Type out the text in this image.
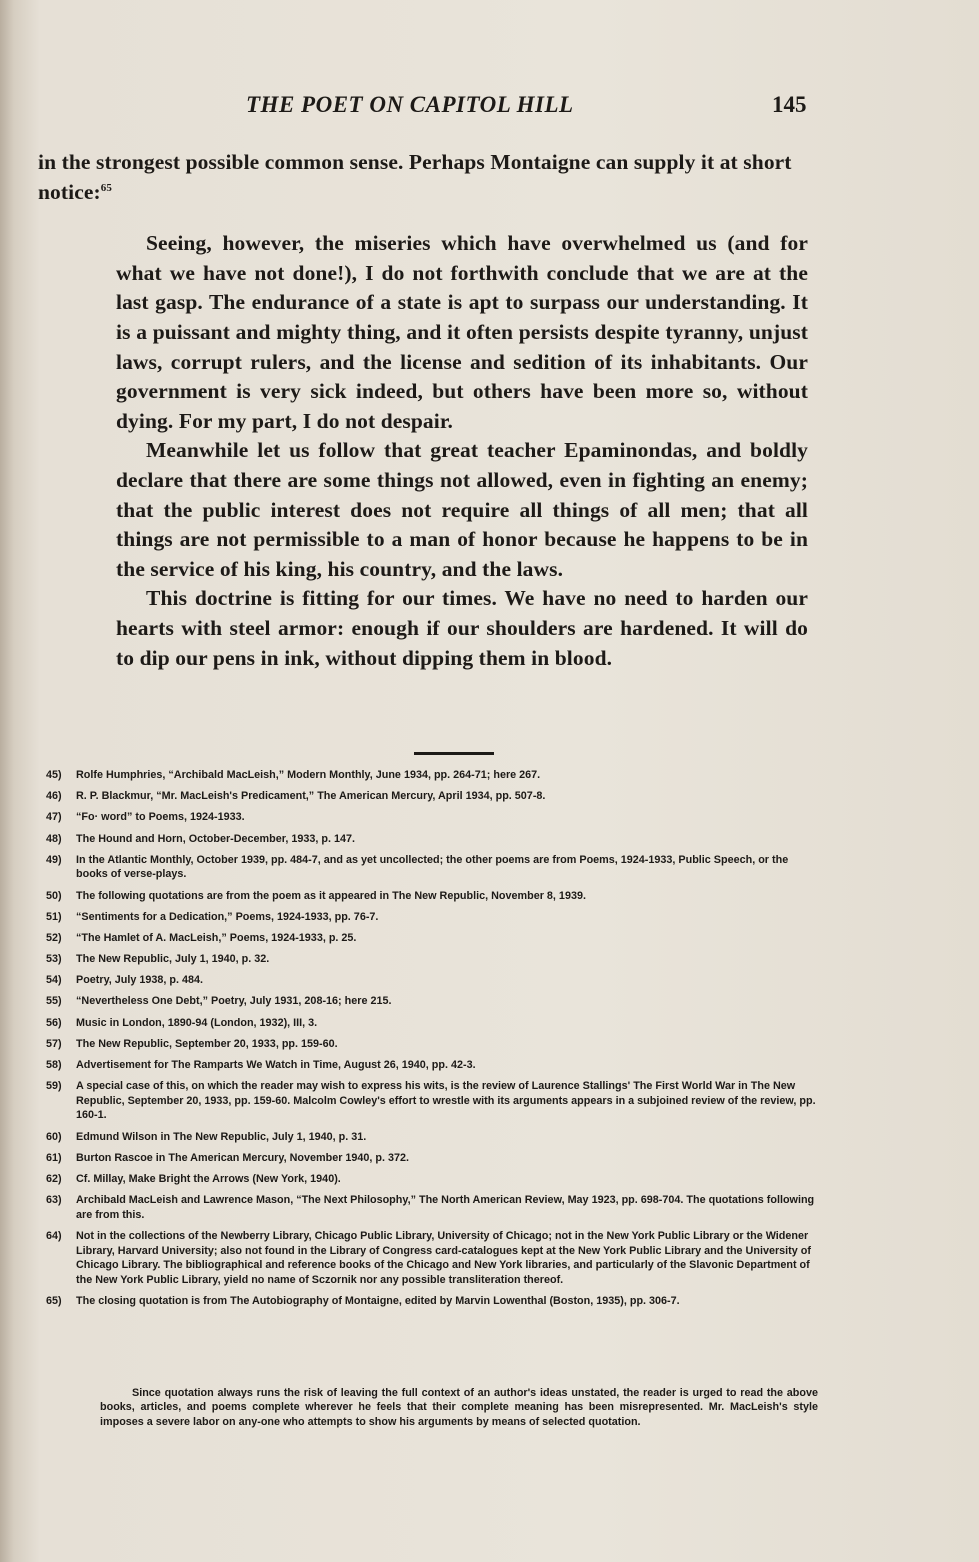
THE POET ON CAPITOL HILL	145

in the strongest possible common sense. Perhaps Montaigne can supply it at short notice:$^{65}$

Seeing, however, the miseries which have overwhelmed us (and for what we have not done!), I do not forthwith conclude that we are at the last gasp. The endurance of a state is apt to surpass our understanding. It is a puissant and mighty thing, and it often persists despite tyranny, unjust laws, corrupt rulers, and the license and sedition of its inhabitants. Our government is very sick indeed, but others have been more so, without dying. For my part, I do not despair.

Meanwhile let us follow that great teacher Epaminondas, and boldly declare that there are some things not allowed, even in fighting an enemy; that the public interest does not require all things of all men; that all things are not permissible to a man of honor because he happens to be in the service of his king, his country, and the laws.

This doctrine is fitting for our times. We have no need to harden our hearts with steel armor: enough if our shoulders are hardened. It will do to dip our pens in ink, without dipping them in blood.

45) Rolfe Humphries, “Archibald MacLeish,” Modern Monthly, June 1934, pp. 264-71; here 267.
46) R. P. Blackmur, “Mr. MacLeish's Predicament,” The American Mercury, April 1934, pp. 507-8.
47) “Fo· word” to Poems, 1924-1933.
48) The Hound and Horn, October-December, 1933, p. 147.
49) In the Atlantic Monthly, October 1939, pp. 484-7, and as yet uncollected; the other poems are from Poems, 1924-1933, Public Speech, or the books of verse-plays.
50) The following quotations are from the poem as it appeared in The New Republic, November 8, 1939.
51) “Sentiments for a Dedication,” Poems, 1924-1933, pp. 76-7.
52) “The Hamlet of A. MacLeish,” Poems, 1924-1933, p. 25.
53) The New Republic, July 1, 1940, p. 32.
54) Poetry, July 1938, p. 484.
55) “Nevertheless One Debt,” Poetry, July 1931, 208-16; here 215.
56) Music in London, 1890-94 (London, 1932), III, 3.
57) The New Republic, September 20, 1933, pp. 159-60.
58) Advertisement for The Ramparts We Watch in Time, August 26, 1940, pp. 42-3.
59) A special case of this, on which the reader may wish to express his wits, is the review of Laurence Stallings' The First World War in The New Republic, September 20, 1933, pp. 159-60. Malcolm Cowley's effort to wrestle with its arguments appears in a subjoined review of the review, pp. 160-1.
60) Edmund Wilson in The New Republic, July 1, 1940, p. 31.
61) Burton Rascoe in The American Mercury, November 1940, p. 372.
62) Cf. Millay, Make Bright the Arrows (New York, 1940).
63) Archibald MacLeish and Lawrence Mason, “The Next Philosophy,” The North American Review, May 1923, pp. 698-704. The quotations following are from this.
64) Not in the collections of the Newberry Library, Chicago Public Library, University of Chicago; not in the New York Public Library or the Widener Library, Harvard University; also not found in the Library of Congress card-catalogues kept at the New York Public Library and the University of Chicago Library. The bibliographical and reference books of the Chicago and New York libraries, and particularly of the Slavonic Department of the New York Public Library, yield no name of Sczornik nor any possible transliteration thereof.
65) The closing quotation is from The Autobiography of Montaigne, edited by Marvin Lowenthal (Boston, 1935), pp. 306-7.

Since quotation always runs the risk of leaving the full context of an author's ideas unstated, the reader is urged to read the above books, articles, and poems complete wherever he feels that their complete meaning has been misrepresented. Mr. MacLeish's style imposes a severe labor on any-one who attempts to show his arguments by means of selected quotation.
